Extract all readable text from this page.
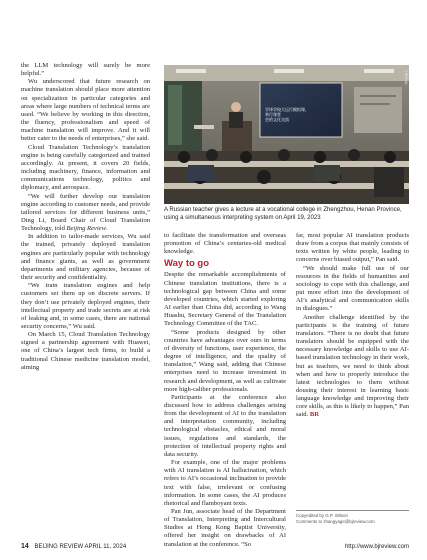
the LLM technology will surely be more helpful.”

Wu underscored that future research on machine translation should place more attention on specialization in particular categories and areas where large numbers of technical terms are used. “We believe by working in this direction, the fluency, professionalism and speed of machine translation will improve. And it will better cater to the needs of enterprises,” she said.

Cloud Translation Technology’s translation engine is being carefully categorized and trained accordingly. At present, it covers 20 fields, including machinery, finance, information and communications technology, politics and diplomacy, and aerospace.

“We will further develop our translation engine according to customer needs, and provide tailored services for different business units,” Ding Li, Board Chair of Cloud Translation Technology, told Beijing Review.

In addition to tailor-made services, Wu said the trained, privately deployed translation engines are particularly popular with technology and finance giants, as well as government departments and military agencies, because of their security and confidentiality.

“We train translation engines and help customers set them up on discrete servers. If they don’t use privately deployed engines, their intellectual property and trade secrets are at risk of leaking and, in some cases, there are national security concerns,” Wu said.

On March 15, Cloud Translation Technology signed a partnership agreement with Huawei, one of China’s largest tech firms, to build a traditional Chinese medicine translation model, aiming

to facilitate the transformation and overseas promotion of China’s centuries-old medical knowledge.

Way to go

Despite the remarkable accomplishments of Chinese translation institutions, there is a technological gap between China and some developed countries, which started exploring AI earlier than China did, according to Wang Huashu, Secretary General of the Translation Technology Committee of the TAC.

“Some products designed by other countries have advantages over ours in terms of diversity of functions, user experience, the degree of intelligence, and the quality of translation,” Wang said, adding that Chinese enterprises need to increase investment in research and development, as well as cultivate more high-caliber professionals.

Participants at the conference also discussed how to address challenges arising from the development of AI to the translation and interpretation community, including technological obstacles, ethical and moral issues, regulations and standards, the protection of intellectual property rights and data security.

For example, one of the major problems with AI translation is AI hallucination, which refers to AI’s occasional inclination to provide text with false, irrelevant or confusing information. In some cases, the AI produces rhetorical and flamboyant texts.

Pan Jun, associate head of the Department of Translation, Interpreting and Intercultural Studies at Hong Kong Baptist University, offered her insight on drawbacks of AI translation at the conference. “So

far, most popular AI translation products draw from a corpus that mainly consists of texts written by white people, leading to concerns over biased output,” Pan said.

“We should make full use of our resources in the fields of humanities and sociology to cope with this challenge, and put more effort into the development of AI’s analytical and communication skills in dialogues.”

Another challenge identified by the participants is the training of future translators. “There is no doubt that future translators should be equipped with the necessary knowledge and skills to use AI-based translation technology in their work, but as teachers, we need to think about when and how to properly introduce the latest technologies to them without dousing their interest in learning basic language knowledge and improving their core skills, as this is likely to happen,” Pan said. BR

学译学校大运行模拟课，举行课堂
会的文化交流
XINHUA
A Russian teacher gives a lecture at a vocational college in Zhengzhou, Henan Province, using a simultaneous interpreting system on April 19, 2023
Copyedited by G.P. Wilson
Comments to zhangyage@bjreview.com
14 BEIJING REVIEW APRIL 11, 2024	http://www.bjreview.com
